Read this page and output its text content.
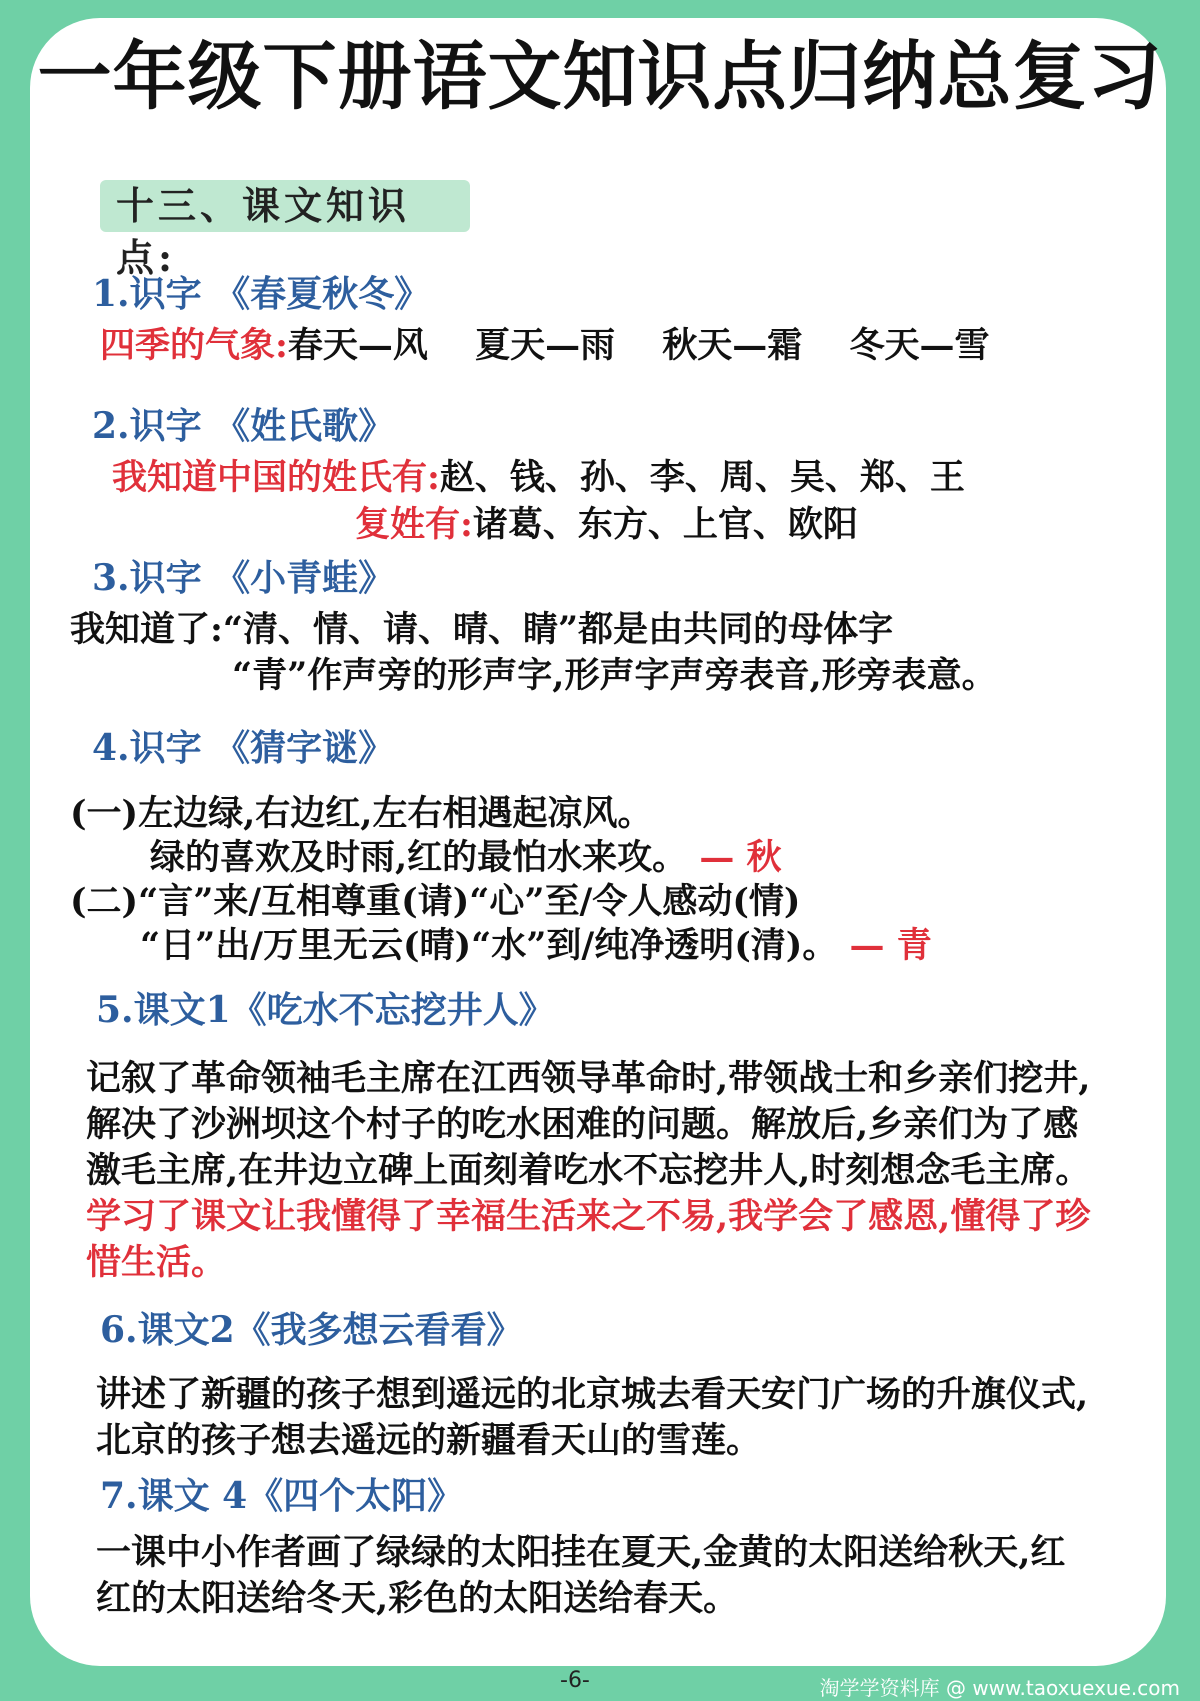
一年级下册语文知识点归纳总复习
十三、课文知识点:
1.识字 《春夏秋冬》
四季的气象:春天—风　 夏天—雨　 秋天—霜　 冬天—雪
2.识字 《姓氏歌》
我知道中国的姓氏有:赵、钱、孙、李、周、吴、郑、王
复姓有:诸葛、东方、上官、欧阳
3.识字 《小青蛙》
我知道了:“清、情、请、晴、睛”都是由共同的母体字
“青”作声旁的形声字,形声字声旁表音,形旁表意。
4.识字 《猜字谜》
(一)左边绿,右边红,左右相遇起凉风。
绿的喜欢及时雨,红的最怕水来攻。 — 秋
(二)“言”来/互相尊重(请)“心”至/令人感动(情)
“日”出/万里无云(晴)“水”到/纯净透明(清)。 — 青
5.课文1《吃水不忘挖井人》
记叙了革命领袖毛主席在江西领导革命时,带领战士和乡亲们挖井,解决了沙洲坝这个村子的吃水困难的问题。解放后,乡亲们为了感激毛主席,在井边立碑上面刻着吃水不忘挖井人,时刻想念毛主席。学习了课文让我懂得了幸福生活来之不易,我学会了感恩,懂得了珍惜生活。
6.课文2《我多想云看看》
讲述了新疆的孩子想到遥远的北京城去看天安门广场的升旗仪式,北京的孩子想去遥远的新疆看天山的雪莲。
7.课文 4《四个太阳》
一课中小作者画了绿绿的太阳挂在夏天,金黄的太阳送给秋天,红红的太阳送给冬天,彩色的太阳送给春天。
-6-	淘学学资料库 @ www.taoxuexue.com
